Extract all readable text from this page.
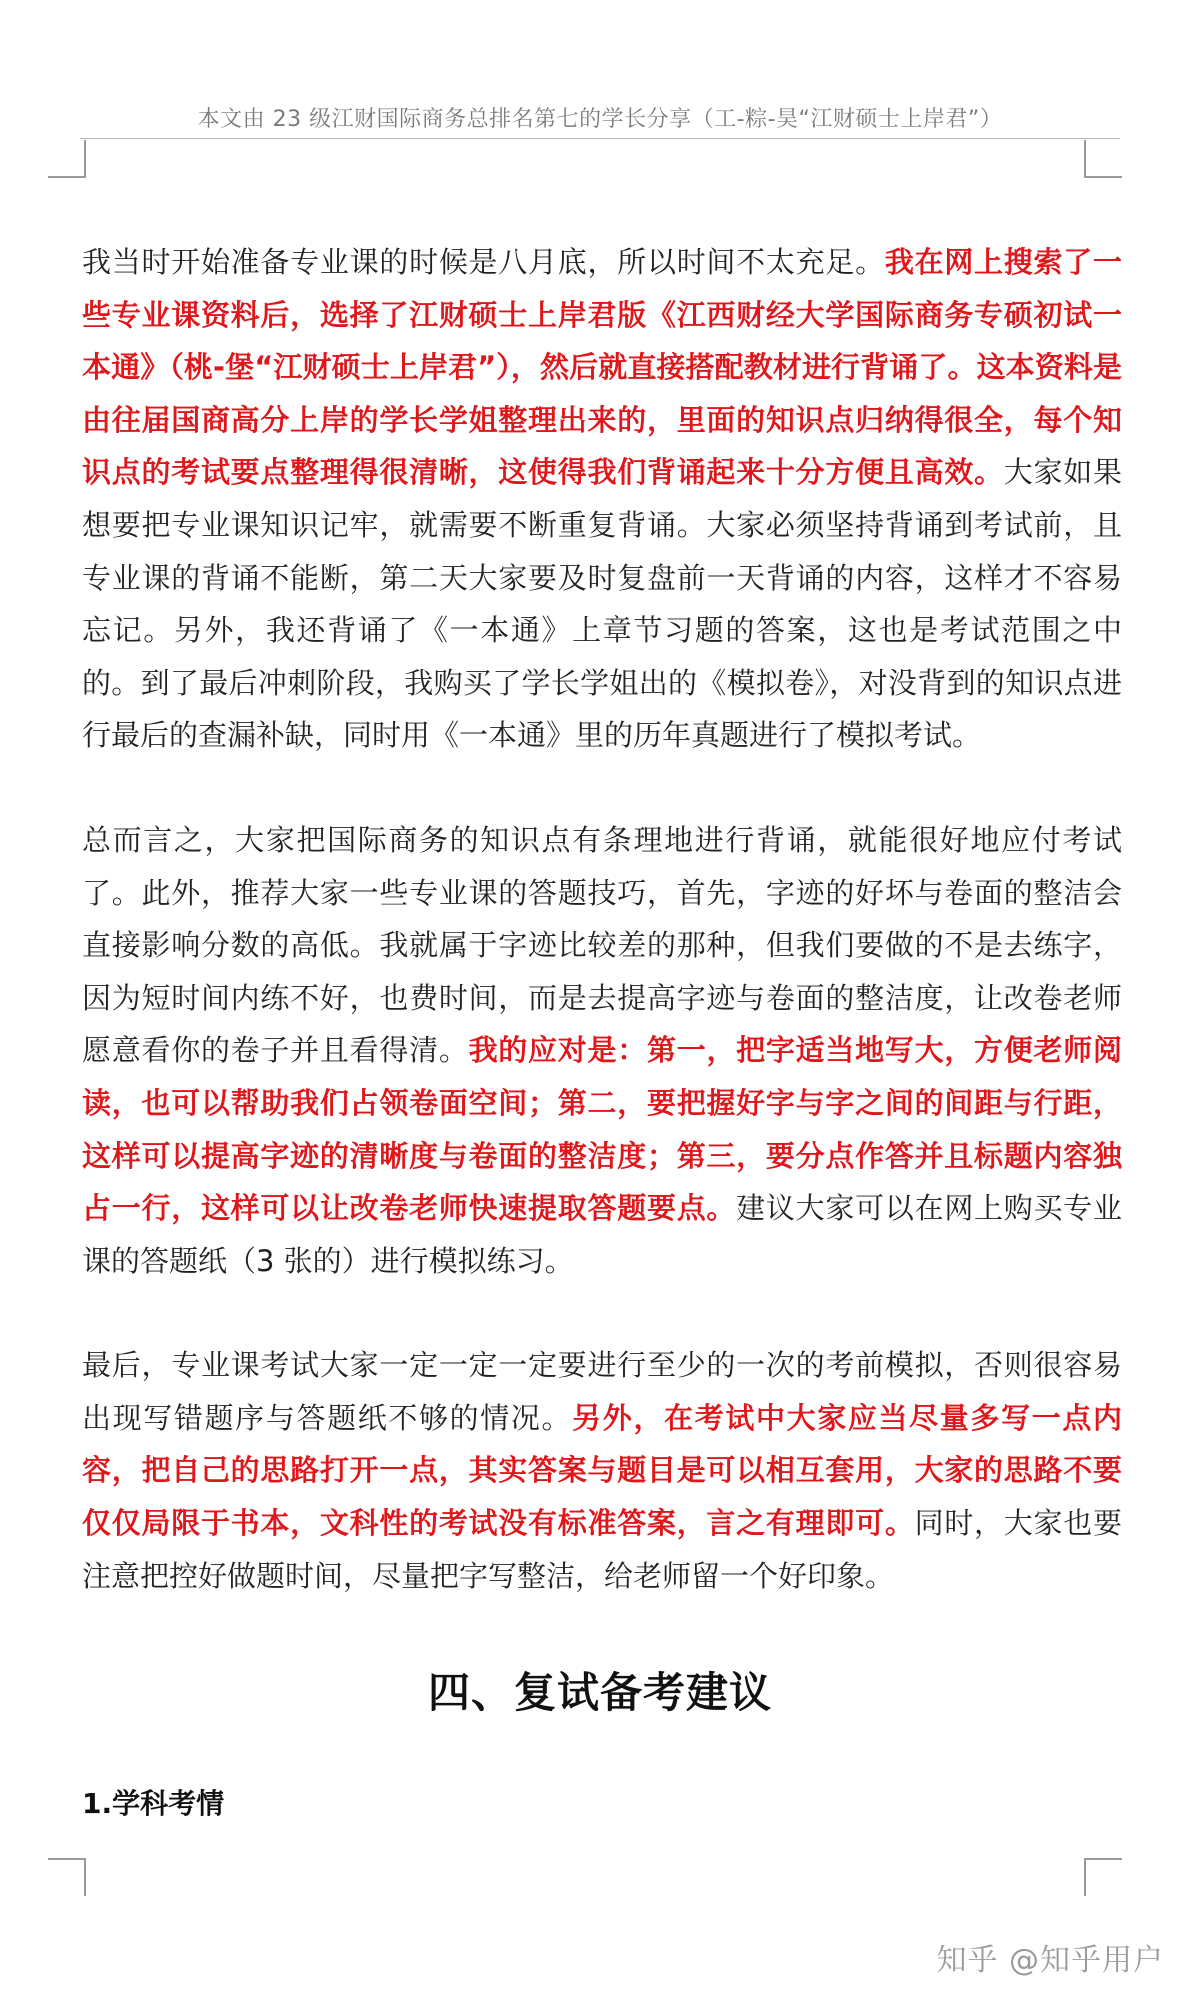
本文由 23 级江财国际商务总排名第七的学长分享（工-粽-昊“江财硕士上岸君”）

我当时开始准备专业课的时候是八月底，所以时间不太充足。我在网上搜索了一些专业课资料后，选择了江财硕士上岸君版《江西财经大学国际商务专硕初试一本通》（桃-堡“江财硕士上岸君”），然后就直接搭配教材进行背诵了。这本资料是由往届国商高分上岸的学长学姐整理出来的，里面的知识点归纳得很全，每个知识点的考试要点整理得很清晰，这使得我们背诵起来十分方便且高效。大家如果想要把专业课知识记牢，就需要不断重复背诵。大家必须坚持背诵到考试前，且专业课的背诵不能断，第二天大家要及时复盘前一天背诵的内容，这样才不容易忘记。另外，我还背诵了《一本通》上章节习题的答案，这也是考试范围之中的。到了最后冲刺阶段，我购买了学长学姐出的《模拟卷》，对没背到的知识点进行最后的查漏补缺，同时用《一本通》里的历年真题进行了模拟考试。

总而言之，大家把国际商务的知识点有条理地进行背诵，就能很好地应付考试了。此外，推荐大家一些专业课的答题技巧，首先，字迹的好坏与卷面的整洁会直接影响分数的高低。我就属于字迹比较差的那种，但我们要做的不是去练字，因为短时间内练不好，也费时间，而是去提高字迹与卷面的整洁度，让改卷老师愿意看你的卷子并且看得清。我的应对是：第一，把字适当地写大，方便老师阅读，也可以帮助我们占领卷面空间；第二，要把握好字与字之间的间距与行距，这样可以提高字迹的清晰度与卷面的整洁度；第三，要分点作答并且标题内容独占一行，这样可以让改卷老师快速提取答题要点。建议大家可以在网上购买专业课的答题纸（3 张的）进行模拟练习。

最后，专业课考试大家一定一定一定要进行至少的一次的考前模拟，否则很容易出现写错题序与答题纸不够的情况。另外，在考试中大家应当尽量多写一点内容，把自己的思路打开一点，其实答案与题目是可以相互套用，大家的思路不要仅仅局限于书本，文科性的考试没有标准答案，言之有理即可。同时，大家也要注意把控好做题时间，尽量把字写整洁，给老师留一个好印象。

四、复试备考建议
1.学科考情
知乎 @知乎用户
